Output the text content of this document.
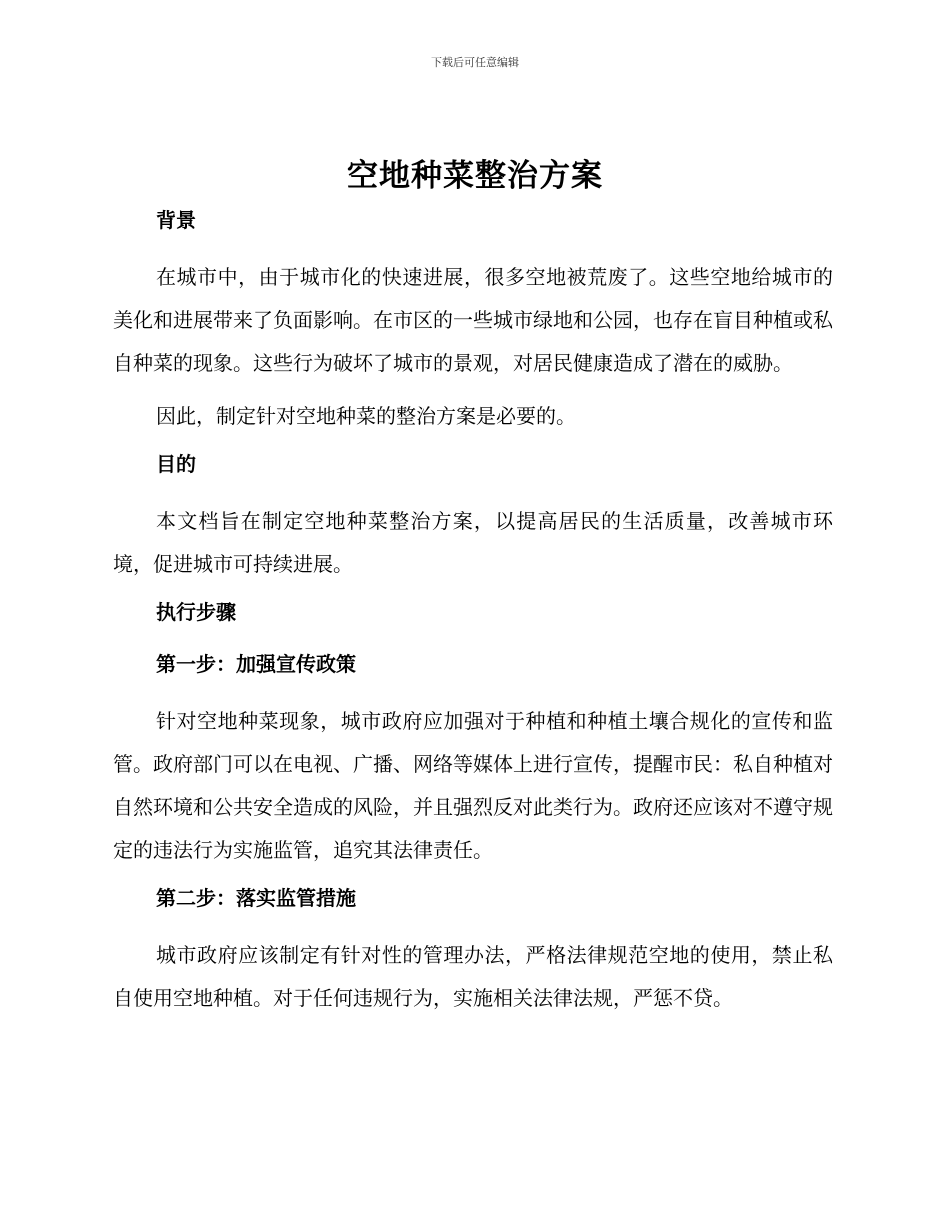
下载后可任意编辑
空地种菜整治方案
背景

在城市中，由于城市化的快速进展，很多空地被荒废了。这些空地给城市的美化和进展带来了负面影响。在市区的一些城市绿地和公园，也存在盲目种植或私自种菜的现象。这些行为破坏了城市的景观，对居民健康造成了潜在的威胁。

因此，制定针对空地种菜的整治方案是必要的。

目的

本文档旨在制定空地种菜整治方案，以提高居民的生活质量，改善城市环境，促进城市可持续进展。

执行步骤
第一步：加强宣传政策

针对空地种菜现象，城市政府应加强对于种植和种植土壤合规化的宣传和监管。政府部门可以在电视、广播、网络等媒体上进行宣传，提醒市民：私自种植对自然环境和公共安全造成的风险，并且强烈反对此类行为。政府还应该对不遵守规定的违法行为实施监管，追究其法律责任。

第二步：落实监管措施

城市政府应该制定有针对性的管理办法，严格法律规范空地的使用，禁止私自使用空地种植。对于任何违规行为，实施相关法律法规，严惩不贷。
